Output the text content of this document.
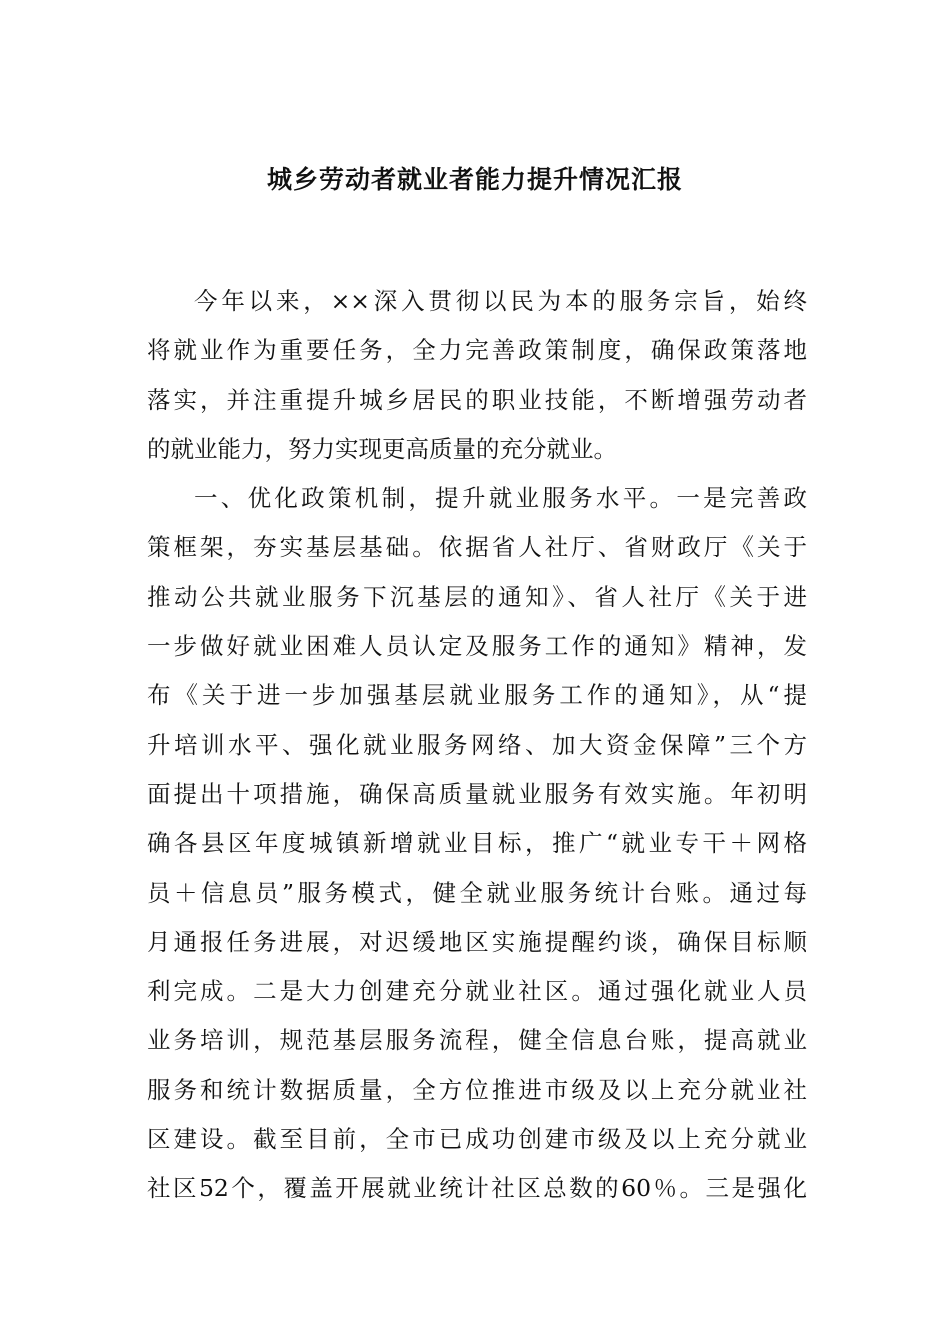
城乡劳动者就业者能力提升情况汇报
今年以来，××深入贯彻以民为本的服务宗旨，始终
将就业作为重要任务，全力完善政策制度，确保政策落地
落实，并注重提升城乡居民的职业技能，不断增强劳动者
的就业能力，努力实现更高质量的充分就业。
一、优化政策机制，提升就业服务水平。一是完善政
策框架，夯实基层基础。依据省人社厅、省财政厅《关于
推动公共就业服务下沉基层的通知》、省人社厅《关于进
一步做好就业困难人员认定及服务工作的通知》精神，发
布《关于进一步加强基层就业服务工作的通知》，从“提
升培训水平、强化就业服务网络、加大资金保障”三个方
面提出十项措施，确保高质量就业服务有效实施。年初明
确各县区年度城镇新增就业目标，推广“就业专干＋网格
员＋信息员”服务模式，健全就业服务统计台账。通过每
月通报任务进展，对迟缓地区实施提醒约谈，确保目标顺
利完成。二是大力创建充分就业社区。通过强化就业人员
业务培训，规范基层服务流程，健全信息台账，提高就业
服务和统计数据质量，全方位推进市级及以上充分就业社
区建设。截至目前，全市已成功创建市级及以上充分就业
社区52个，覆盖开展就业统计社区总数的60％。三是强化
